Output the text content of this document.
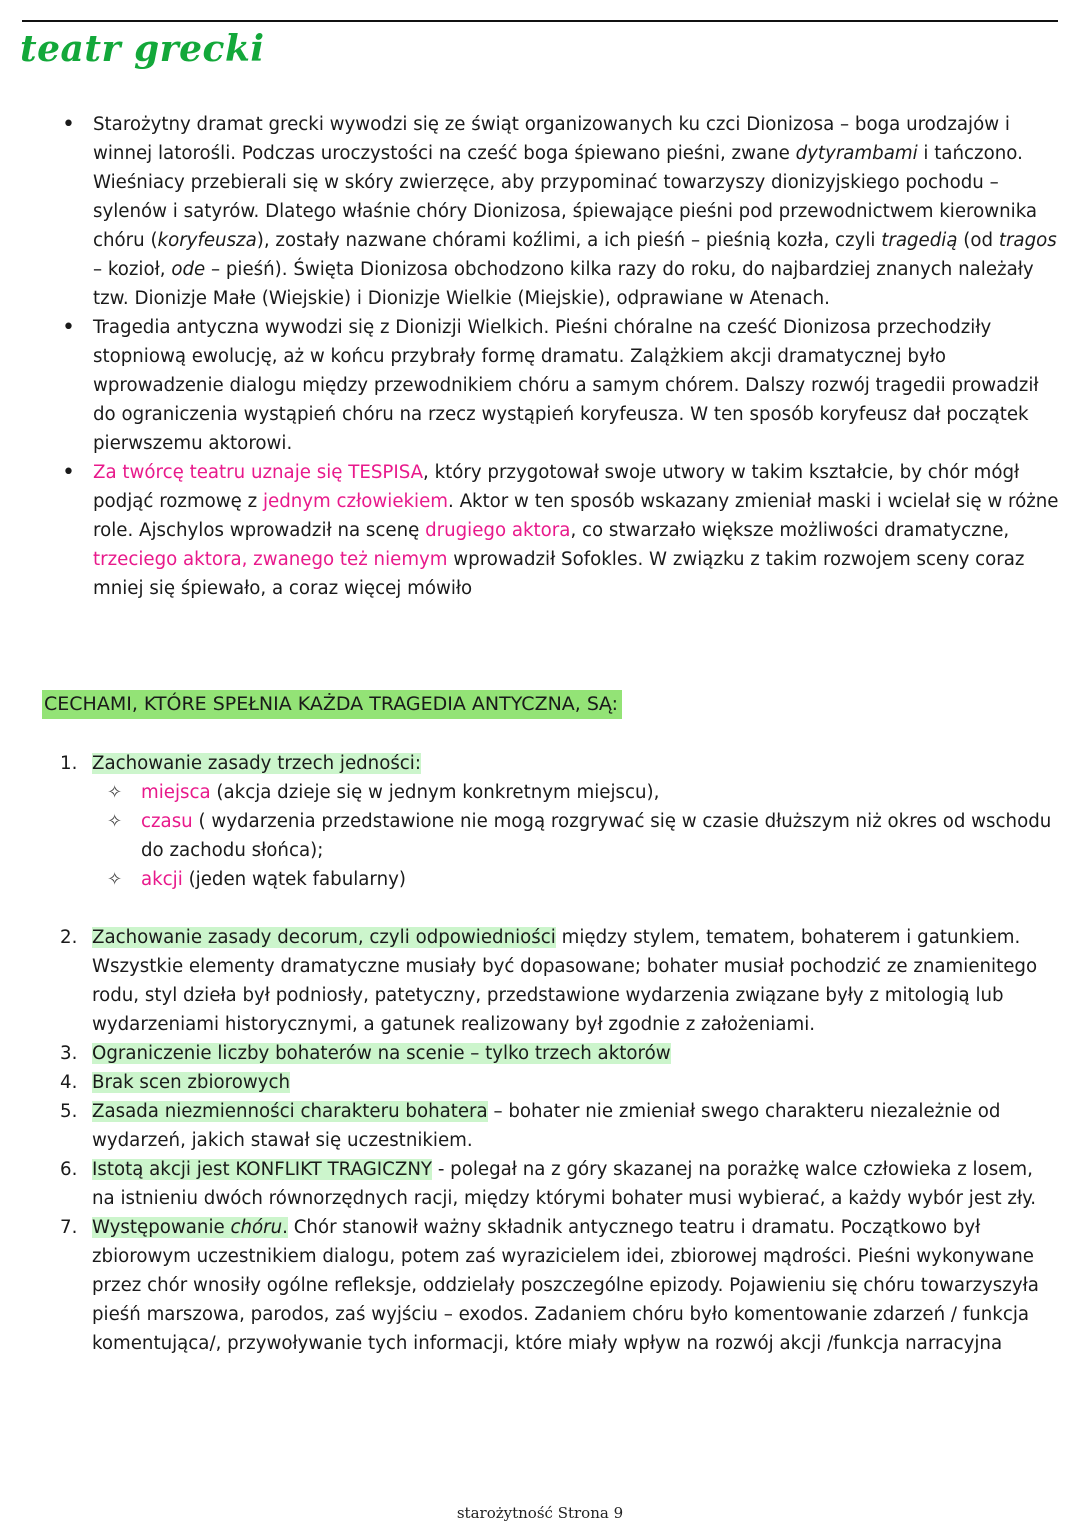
teatr grecki
• Starożytny dramat grecki wywodzi się ze świąt organizowanych ku czci Dionizosa – boga urodzajów i winnej latorośli. Podczas uroczystości na cześć boga śpiewano pieśni, zwane dytyrambami i tańczono. Wieśniacy przebierali się w skóry zwierzęce, aby przypominać towarzyszy dionizyjskiego pochodu – sylenów i satyrów. Dlatego właśnie chóry Dionizosa, śpiewające pieśni pod przewodnictwem kierownika chóru (koryfeusza), zostały nazwane chórami koźlimi, a ich pieśń – pieśnią kozła, czyli tragedią (od tragos – kozioł, ode – pieśń). Święta Dionizosa obchodzono kilka razy do roku, do najbardziej znanych należały tzw. Dionizje Małe (Wiejskie) i Dionizje Wielkie (Miejskie), odprawiane w Atenach.
• Tragedia antyczna wywodzi się z Dionizji Wielkich. Pieśni chóralne na cześć Dionizosa przechodziły stopniową ewolucję, aż w końcu przybrały formę dramatu. Zalążkiem akcji dramatycznej było wprowadzenie dialogu między przewodnikiem chóru a samym chórem. Dalszy rozwój tragedii prowadził do ograniczenia wystąpień chóru na rzecz wystąpień koryfeusza. W ten sposób koryfeusz dał początek pierwszemu aktorowi.
• Za twórcę teatru uznaje się TESPISA, który przygotował swoje utwory w takim kształcie, by chór mógł podjąć rozmowę z jednym człowiekiem. Aktor w ten sposób wskazany zmieniał maski i wcielał się w różne role. Ajschylos wprowadził na scenę drugiego aktora, co stwarzało większe możliwości dramatyczne, trzeciego aktora, zwanego też niemym wprowadził Sofokles. W związku z takim rozwojem sceny coraz mniej się śpiewało, a coraz więcej mówiło
CECHAMI, KTÓRE SPEŁNIA KAŻDA TRAGEDIA ANTYCZNA, SĄ:
1. Zachowanie zasady trzech jedności:
✧ miejsca (akcja dzieje się w jednym konkretnym miejscu),
✧ czasu ( wydarzenia przedstawione nie mogą rozgrywać się w czasie dłuższym niż okres od wschodu do zachodu słońca);
✧ akcji (jeden wątek fabularny)
2. Zachowanie zasady decorum, czyli odpowiedniości między stylem, tematem, bohaterem i gatunkiem. Wszystkie elementy dramatyczne musiały być dopasowane; bohater musiał pochodzić ze znamienitego rodu, styl dzieła był podniosły, patetyczny, przedstawione wydarzenia związane były z mitologią lub wydarzeniami historycznymi, a gatunek realizowany był zgodnie z założeniami.
3. Ograniczenie liczby bohaterów na scenie – tylko trzech aktorów
4. Brak scen zbiorowych
5. Zasada niezmienności charakteru bohatera – bohater nie zmieniał swego charakteru niezależnie od wydarzeń, jakich stawał się uczestnikiem.
6. Istotą akcji jest KONFLIKT TRAGICZNY - polegał na z góry skazanej na porażkę walce człowieka z losem, na istnieniu dwóch równorzędnych racji, między którymi bohater musi wybierać, a każdy wybór jest zły.
7. Występowanie chóru. Chór stanowił ważny składnik antycznego teatru i dramatu. Początkowo był zbiorowym uczestnikiem dialogu, potem zaś wyrazicielem idei, zbiorowej mądrości. Pieśni wykonywane przez chór wnosiły ogólne refleksje, oddzielały poszczególne epizody. Pojawieniu się chóru towarzyszyła pieśń marszowa, parodos, zaś wyjściu – exodos. Zadaniem chóru było komentowanie zdarzeń / funkcja komentująca/, przywoływanie tych informacji, które miały wpływ na rozwój akcji /funkcja narracyjna
starożytność Strona 9
